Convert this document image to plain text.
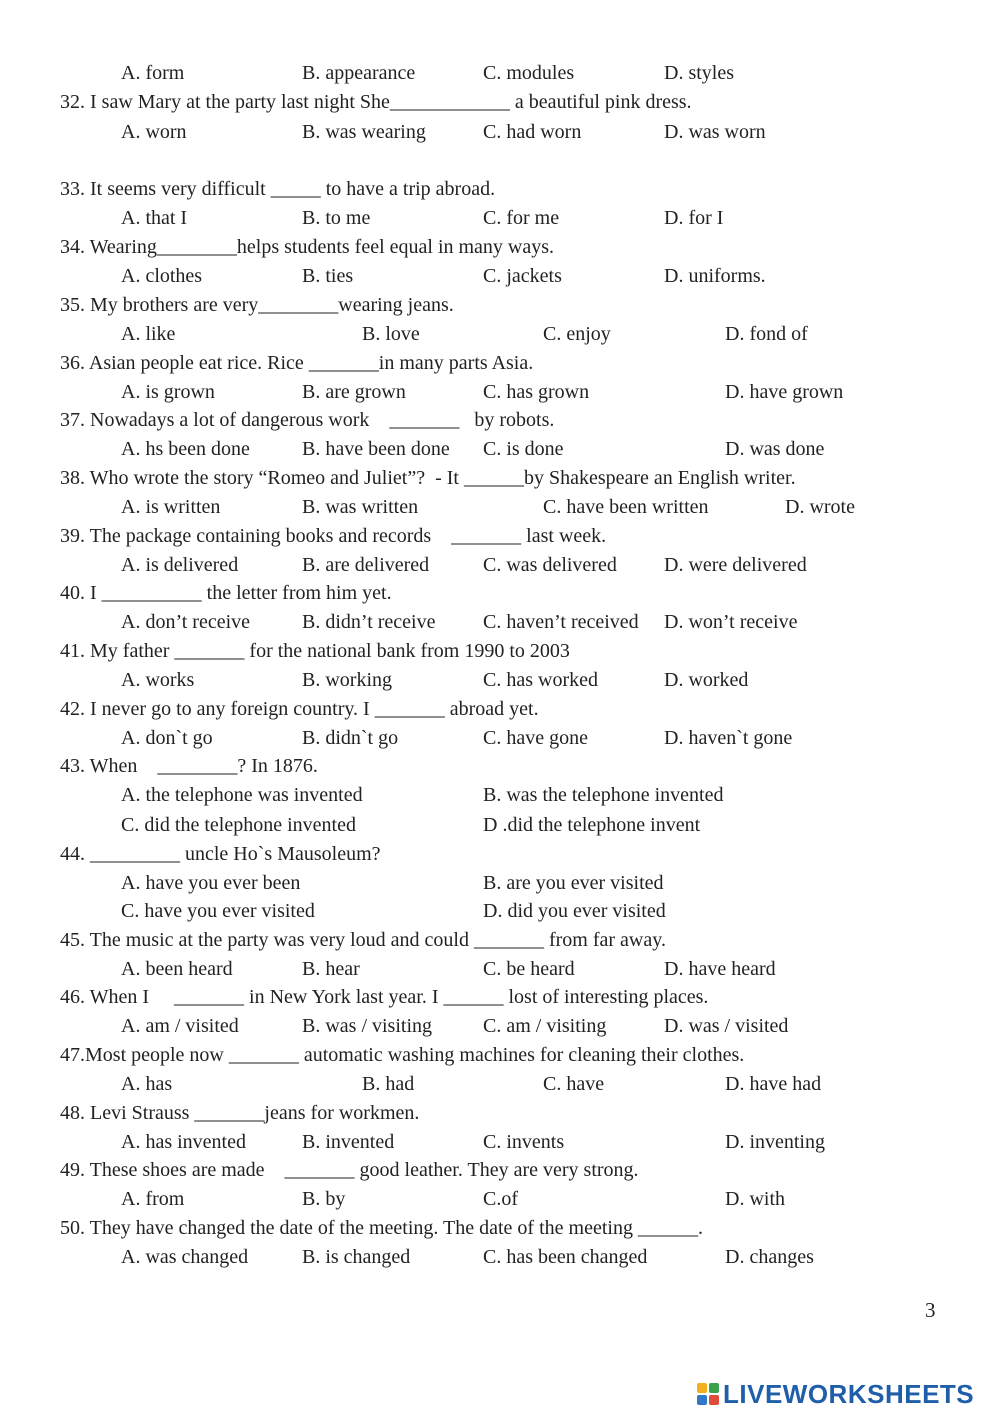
A. form	B. appearance	C. modules	D. styles
32. I saw Mary at the party last night She____________ a beautiful pink dress.
A. worn	B. was wearing	C. had worn	D. was worn
33. It seems very difficult _____ to have a trip abroad.
A. that I	B. to me	C. for me	D. for I
34. Wearing________helps students feel equal in many ways.
A. clothes	B. ties	C. jackets	D. uniforms.
35. My brothers are very________wearing jeans.
A. like	B. love	C. enjoy	D. fond of
36. Asian people eat rice. Rice _______in many parts Asia.
A. is grown	B. are grown	C. has grown	D. have grown
37. Nowadays a lot of dangerous work    _______   by robots.
A. hs been done	B. have been done C. is done	D. was done
38. Who wrote the story “Romeo and Juliet”?  - It ______by Shakespeare an English writer.
A. is written	B. was written	C. have been written	D. wrote
39. The package containing books and records    _______ last week.
A. is delivered	B. are delivered	C. was delivered D. were delivered
40. I __________ the letter from him yet.
A. don’t receive	B. didn’t receive C. haven’t received D. won’t receive
41. My father _______ for the national bank from 1990 to 2003
A. works	B. working	C. has worked	D. worked
42. I never go to any foreign country. I _______ abroad yet.
A. don`t go	B. didn`t go	C. have gone	D. haven`t gone
43. When    ________? In 1876.
A. the telephone was invented	B. was the telephone invented
C. did the telephone invented	D .did the telephone invent
44. _________ uncle Ho`s Mausoleum?
A. have you ever been	B. are you ever visited
C. have you ever visited	D. did you ever visited
45. The music at the party was very loud and could _______ from far away.
A. been heard	B. hear	C. be heard	D. have heard
46. When I     _______ in New York last year. I ______ lost of interesting places.
A. am / visited	B. was / visiting	C. am / visiting	D. was / visited
47.Most people now _______ automatic washing machines for cleaning their clothes.
A. has	B. had	C. have	D. have had
48. Levi Strauss _______jeans for workmen.
A. has invented	B. invented	C. invents	D. inventing
49. These shoes are made    _______ good leather. They are very strong.
A. from	B. by	C.of	D. with
50. They have changed the date of the meeting. The date of the meeting ______.
A. was changed	B. is changed	C. has been changed	D. changes
3
LIVEWORKSHEETS
